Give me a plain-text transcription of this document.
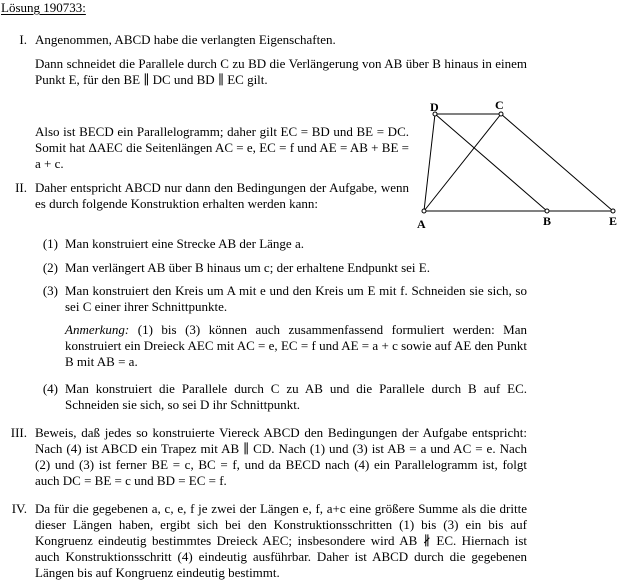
Lösung 190733:
I.
II.
III.
IV.
Angenommen, ABCD habe die verlangten Eigenschaften.
Dann schneidet die Parallele durch C zu BD die Verlängerung von AB über B hinaus in einem Punkt E, für den BE ∥ DC und BD ∥ EC gilt.
Also ist BECD ein Parallelogramm; daher gilt EC = BD und BE = DC. Somit hat ΔAEC die Seitenlängen AC = e, EC = f und AE = AB + BE = a + c.
A	B
C
D
E
Daher entspricht ABCD nur dann den Bedingungen der Aufgabe, wenn es durch folgende Konstruktion erhalten werden kann:
(1) Man konstruiert eine Strecke AB der Länge a.
(2) Man verlängert AB über B hinaus um c; der erhaltene Endpunkt sei E.
(3) Man konstruiert den Kreis um A mit e und den Kreis um E mit f. Schneiden sie sich, so sei C einer ihrer Schnittpunkte.
Anmerkung: (1) bis (3) können auch zusammenfassend formuliert werden: Man konstruiert ein Dreieck AEC mit AC = e, EC = f und AE = a + c sowie auf AE den Punkt B mit AB = a.
(4) Man konstruiert die Parallele durch C zu AB und die Parallele durch B auf EC. Schneiden sie sich, so sei D ihr Schnittpunkt.
Beweis, daß jedes so konstruierte Viereck ABCD den Bedingungen der Aufgabe entspricht: Nach (4) ist ABCD ein Trapez mit AB ∥ CD. Nach (1) und (3) ist AB = a und AC = e. Nach (2) und (3) ist ferner BE = c, BC = f, und da BECD nach (4) ein Parallelogramm ist, folgt auch DC = BE = c und BD = EC = f.
Da für die gegebenen a, c, e, f je zwei der Längen e, f, a+c eine größere Summe als die dritte dieser Längen haben, ergibt sich bei den Konstruktionsschritten (1) bis (3) ein bis auf Kongruenz eindeutig bestimmtes Dreieck AEC; insbesondere wird AB ∦ EC. Hiernach ist auch Konstruktionsschritt (4) eindeutig ausführbar. Daher ist ABCD durch die gegebenen Längen bis auf Kongruenz eindeutig bestimmt.
